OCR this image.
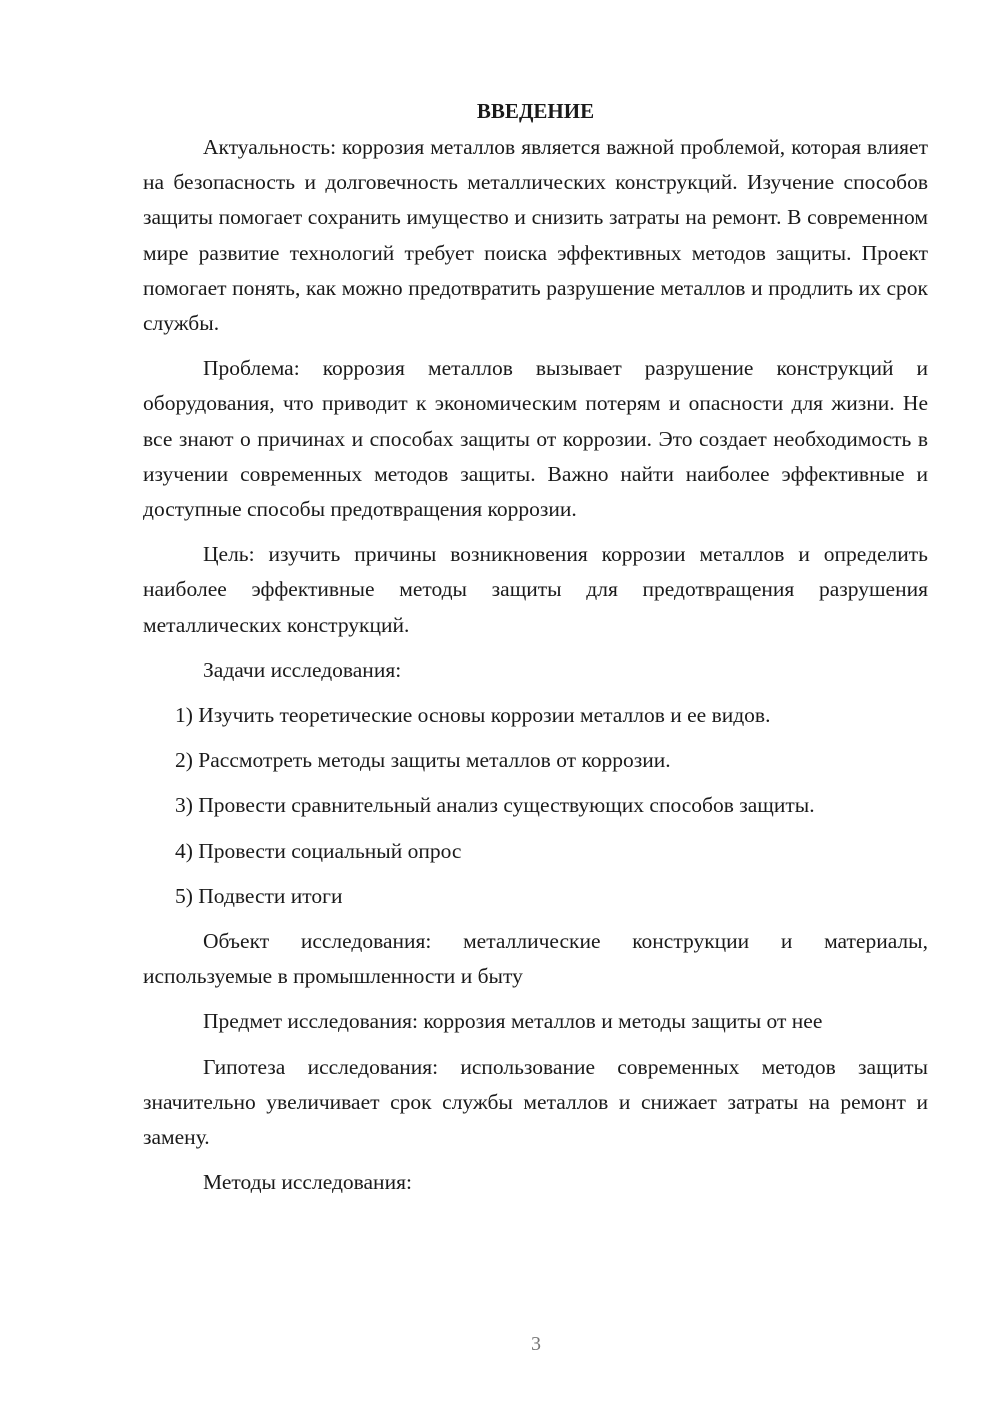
ВВЕДЕНИЕ

Актуальность: коррозия металлов является важной проблемой, которая влияет на безопасность и долговечность металлических конструкций. Изучение способов защиты помогает сохранить имущество и снизить затраты на ремонт. В современном мире развитие технологий требует поиска эффективных методов защиты. Проект помогает понять, как можно предотвратить разрушение металлов и продлить их срок службы.

Проблема: коррозия металлов вызывает разрушение конструкций и оборудования, что приводит к экономическим потерям и опасности для жизни. Не все знают о причинах и способах защиты от коррозии. Это создает необходимость в изучении современных методов защиты. Важно найти наиболее эффективные и доступные способы предотвращения коррозии.

Цель: изучить причины возникновения коррозии металлов и определить наиболее эффективные методы защиты для предотвращения разрушения металлических конструкций.

Задачи исследования:

1) Изучить теоретические основы коррозии металлов и ее видов.
2) Рассмотреть методы защиты металлов от коррозии.
3) Провести сравнительный анализ существующих способов защиты.
4) Провести социальный опрос
5) Подвести итоги

Объект исследования: металлические конструкции и материалы, используемые в промышленности и быту

Предмет исследования: коррозия металлов и методы защиты от нее

Гипотеза исследования: использование современных методов защиты значительно увеличивает срок службы металлов и снижает затраты на ремонт и замену.

Методы исследования:

3
